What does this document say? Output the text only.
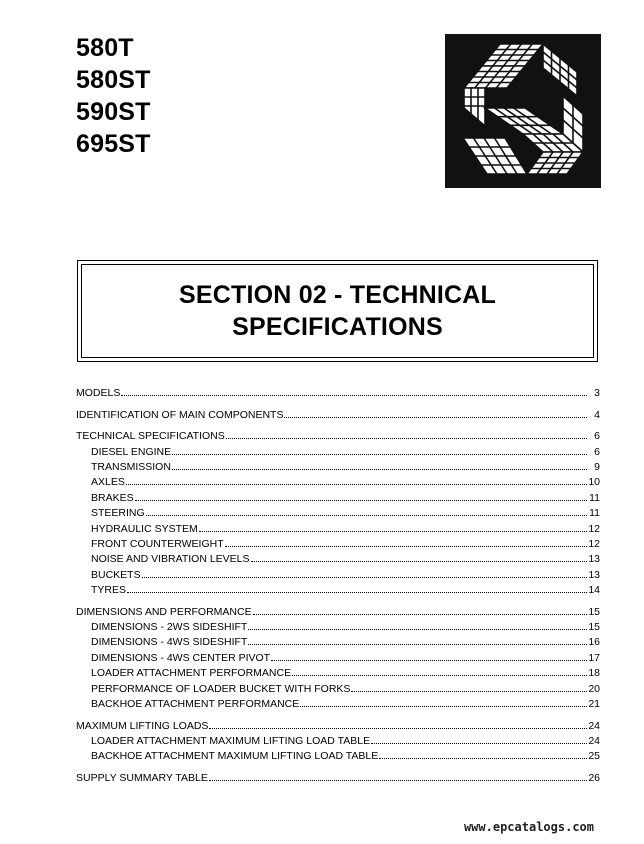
580T
580ST
590ST
695ST
SECTION 02 - TECHNICAL
SPECIFICATIONS
MODELS	3
IDENTIFICATION OF MAIN COMPONENTS	4
TECHNICAL SPECIFICATIONS	6
DIESEL ENGINE	6
TRANSMISSION	9
AXLES	10
BRAKES	11
STEERING	11
HYDRAULIC SYSTEM	12
FRONT COUNTERWEIGHT	12
NOISE AND VIBRATION LEVELS	13
BUCKETS	13
TYRES	14
DIMENSIONS AND PERFORMANCE	15
DIMENSIONS - 2WS SIDESHIFT	15
DIMENSIONS - 4WS SIDESHIFT	16
DIMENSIONS - 4WS CENTER PIVOT	17
LOADER ATTACHMENT PERFORMANCE	18
PERFORMANCE OF LOADER BUCKET WITH FORKS	20
BACKHOE ATTACHMENT PERFORMANCE	21
MAXIMUM LIFTING LOADS	24
LOADER ATTACHMENT MAXIMUM LIFTING LOAD TABLE	24
BACKHOE ATTACHMENT MAXIMUM LIFTING LOAD TABLE	25
SUPPLY SUMMARY TABLE	26
www.epcatalogs.com
